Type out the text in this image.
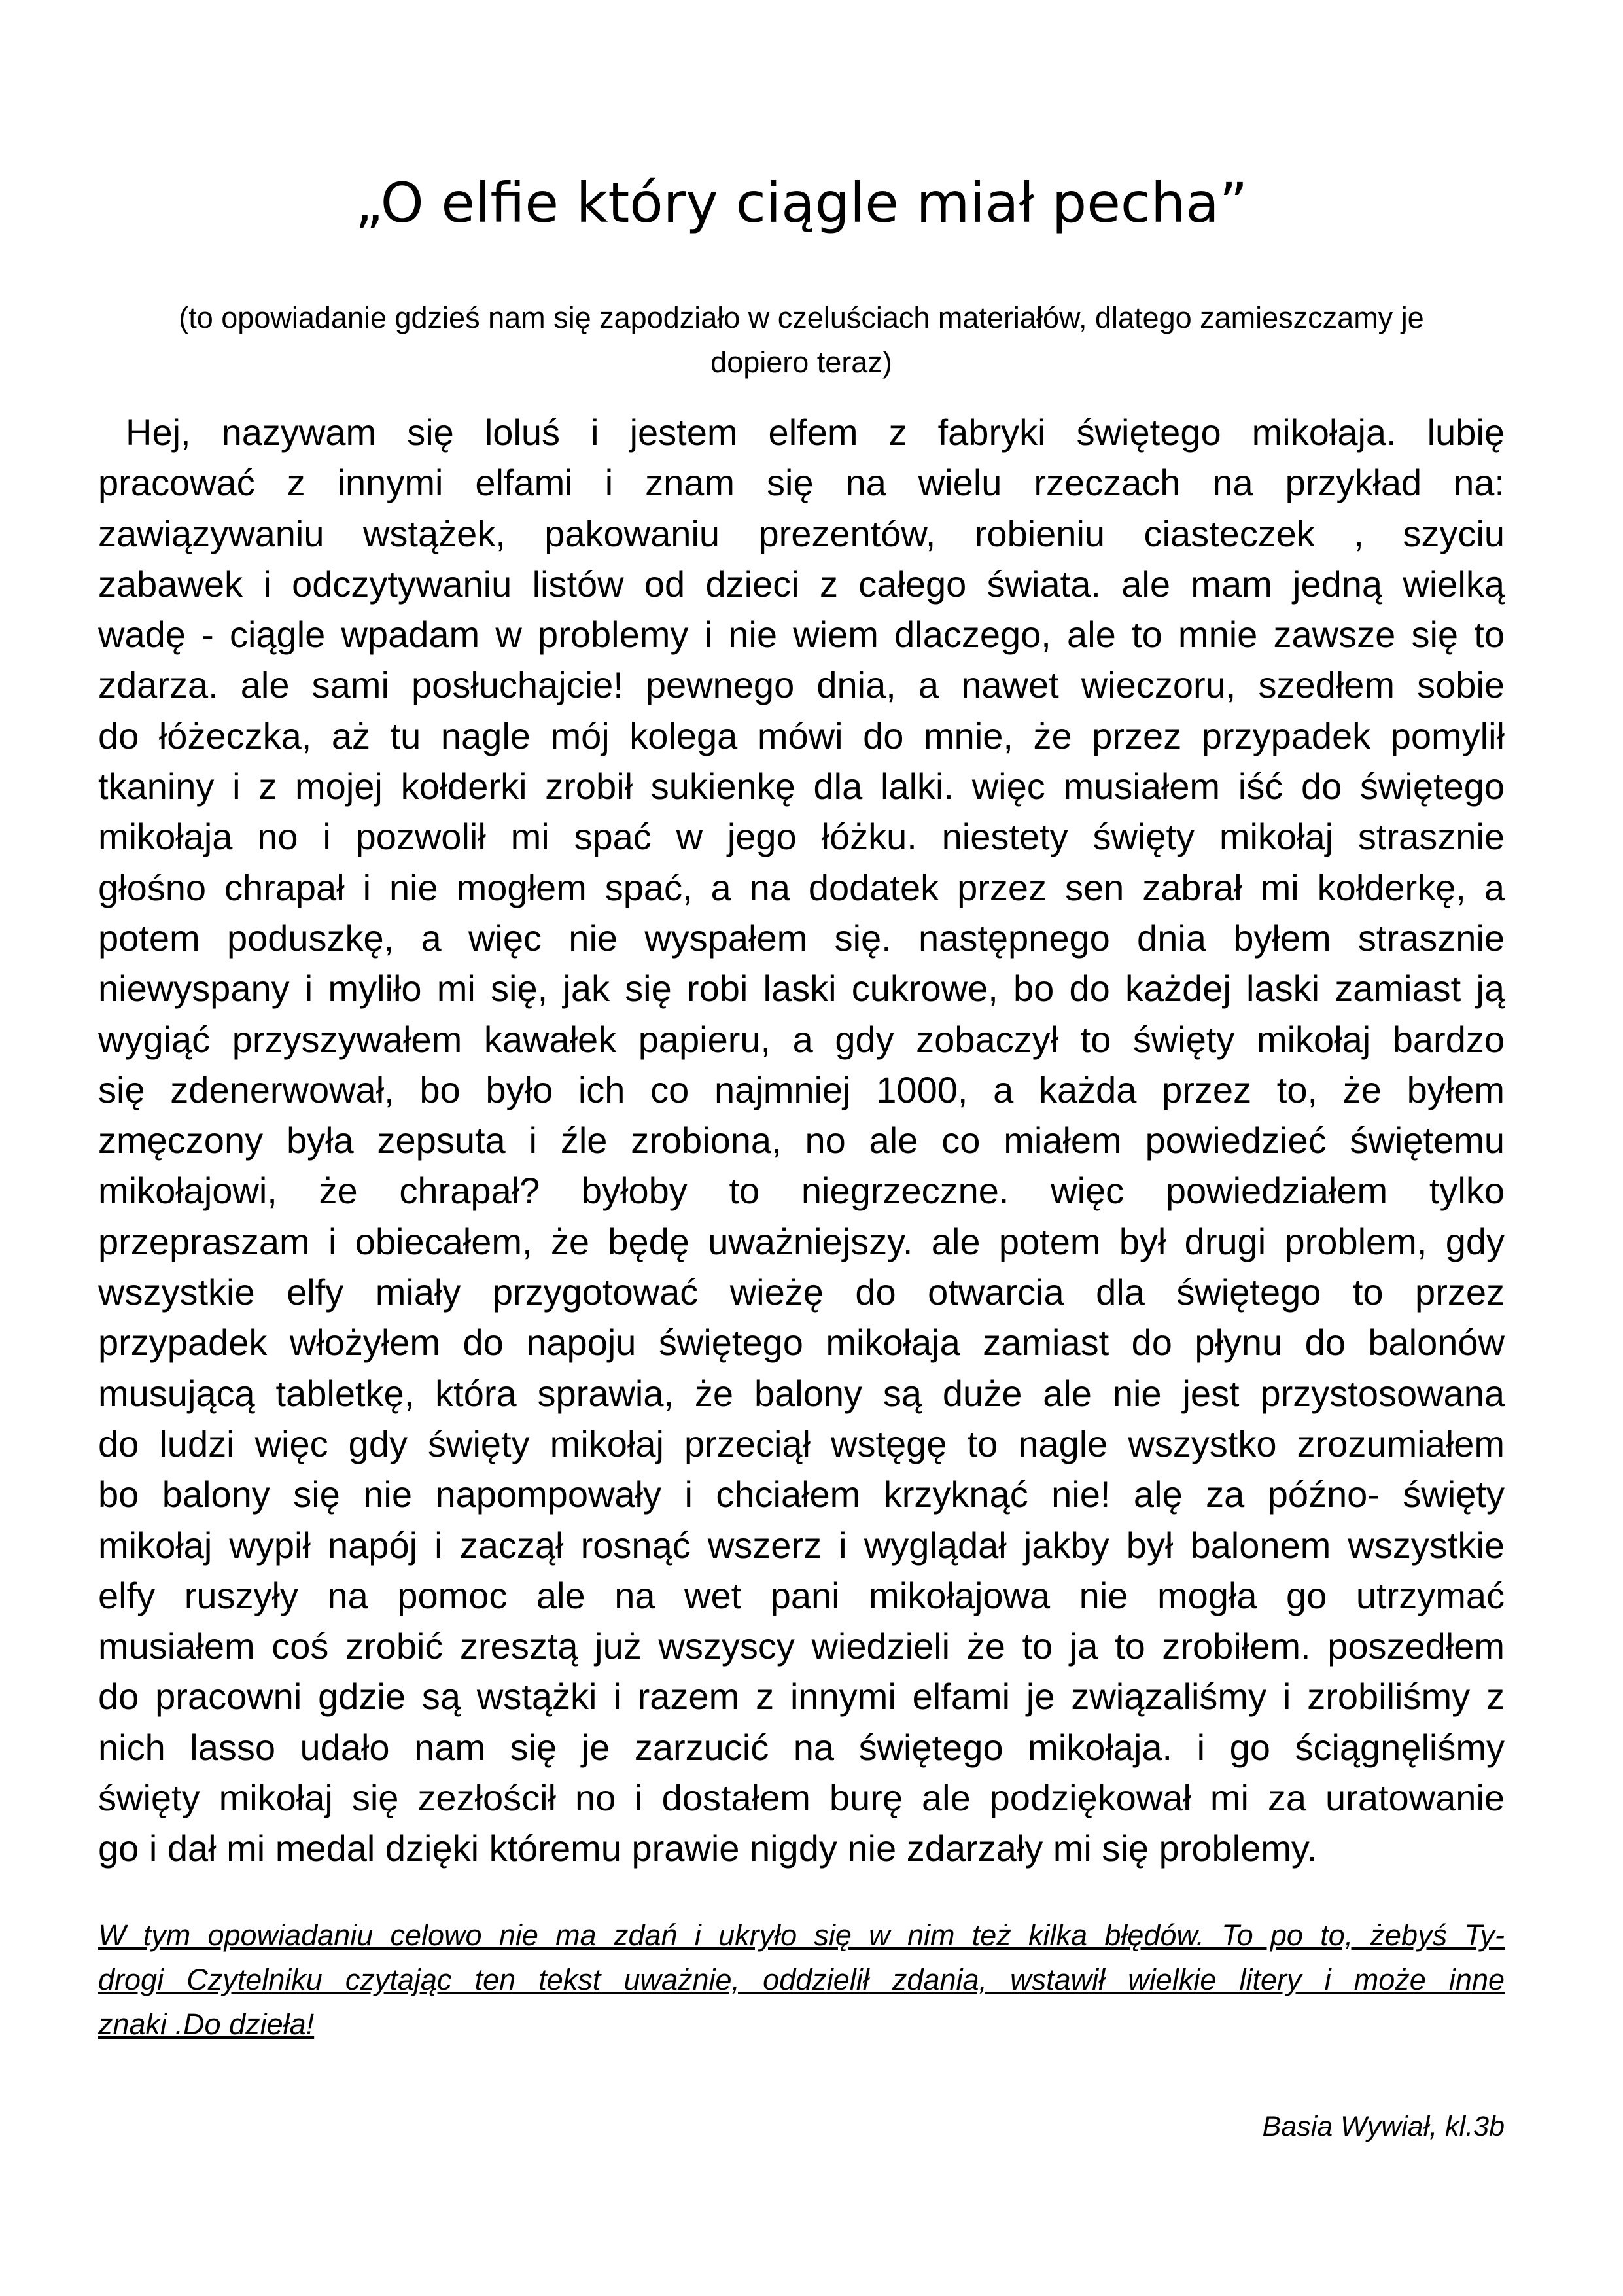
„O elfie który ciągle miał pecha”
(to opowiadanie gdzieś nam się zapodziało w czeluściach materiałów, dlatego zamieszczamy je
dopiero teraz)
Hej, nazywam się loluś i jestem elfem z fabryki świętego mikołaja. lubię
pracować z innymi elfami i znam się na wielu rzeczach na przykład na:
zawiązywaniu wstążek, pakowaniu prezentów, robieniu ciasteczek , szyciu
zabawek i odczytywaniu listów od dzieci z całego świata. ale mam jedną wielką
wadę - ciągle wpadam w problemy i nie wiem dlaczego, ale to mnie zawsze się to
zdarza. ale sami posłuchajcie! pewnego dnia, a nawet wieczoru, szedłem sobie
do łóżeczka, aż tu nagle mój kolega mówi do mnie, że przez przypadek pomylił
tkaniny i z mojej kołderki zrobił sukienkę dla lalki. więc musiałem iść do świętego
mikołaja no i pozwolił mi spać w jego łóżku. niestety święty mikołaj strasznie
głośno chrapał i nie mogłem spać, a na dodatek przez sen zabrał mi kołderkę, a
potem poduszkę, a więc nie wyspałem się. następnego dnia byłem strasznie
niewyspany i myliło mi się, jak się robi laski cukrowe, bo do każdej laski zamiast ją
wygiąć przyszywałem kawałek papieru, a gdy zobaczył to święty mikołaj bardzo
się zdenerwował, bo było ich co najmniej 1000, a każda przez to, że byłem
zmęczony była zepsuta i źle zrobiona, no ale co miałem powiedzieć świętemu
mikołajowi, że chrapał? byłoby to niegrzeczne. więc powiedziałem tylko
przepraszam i obiecałem, że będę uważniejszy. ale potem był drugi problem, gdy
wszystkie elfy miały przygotować wieżę do otwarcia dla świętego to przez
przypadek włożyłem do napoju świętego mikołaja zamiast do płynu do balonów
musującą tabletkę, która sprawia, że balony są duże ale nie jest przystosowana
do ludzi więc gdy święty mikołaj przeciął wstęgę to nagle wszystko zrozumiałem
bo balony się nie napompowały i chciałem krzyknąć nie! alę za późno- święty
mikołaj wypił napój i zaczął rosnąć wszerz i wyglądał jakby był balonem wszystkie
elfy ruszyły na pomoc ale na wet pani mikołajowa nie mogła go utrzymać
musiałem coś zrobić zresztą już wszyscy wiedzieli że to ja to zrobiłem. poszedłem
do pracowni gdzie są wstążki i razem z innymi elfami je związaliśmy i zrobiliśmy z
nich lasso udało nam się je zarzucić na świętego mikołaja. i go ściągnęliśmy
święty mikołaj się zezłościł no i dostałem burę ale podziękował mi za uratowanie
go i dał mi medal dzięki któremu prawie nigdy nie zdarzały mi się problemy.
W tym opowiadaniu celowo nie ma zdań i ukryło się w nim też kilka błędów. To po to, żebyś Ty-
drogi Czytelniku czytając ten tekst uważnie, oddzielił zdania, wstawił wielkie litery i może inne
znaki .Do dzieła!
Basia Wywiał, kl.3b
